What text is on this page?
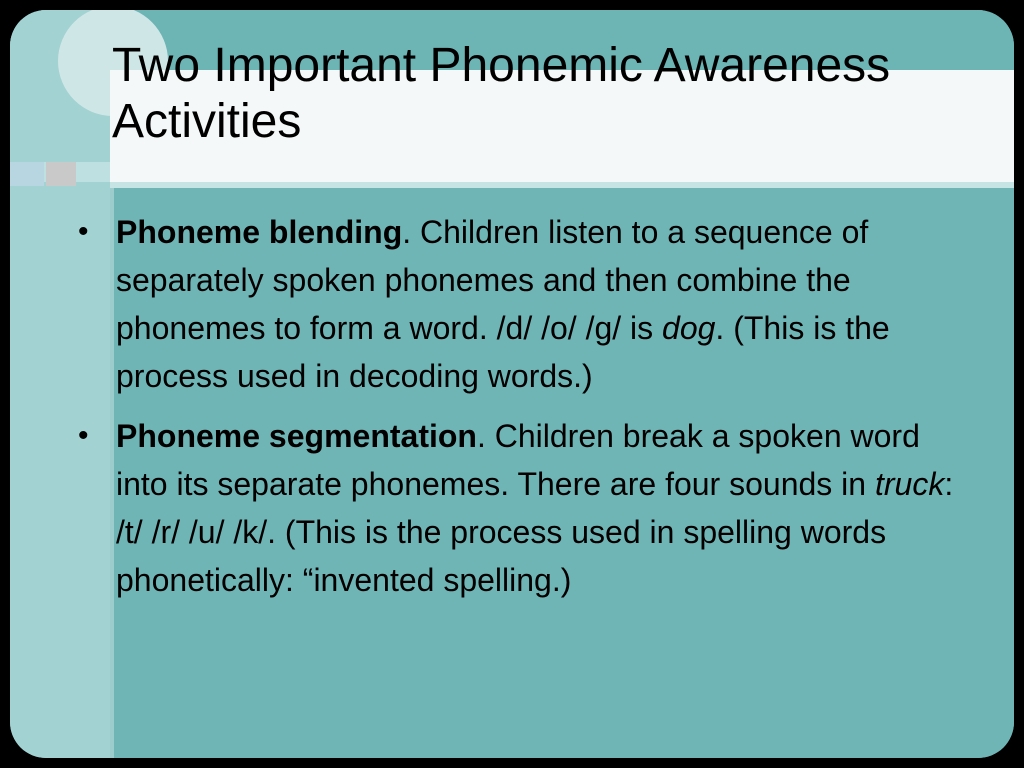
Two Important Phonemic Awareness Activities
• Phoneme blending. Children listen to a sequence of separately spoken phonemes and then combine the phonemes to form a word. /d/ /o/ /g/ is dog. (This is the process used in decoding words.)
• Phoneme segmentation. Children break a spoken word into its separate phonemes. There are four sounds in truck: /t/ /r/ /u/ /k/. (This is the process used in spelling words phonetically: “invented spelling.)
